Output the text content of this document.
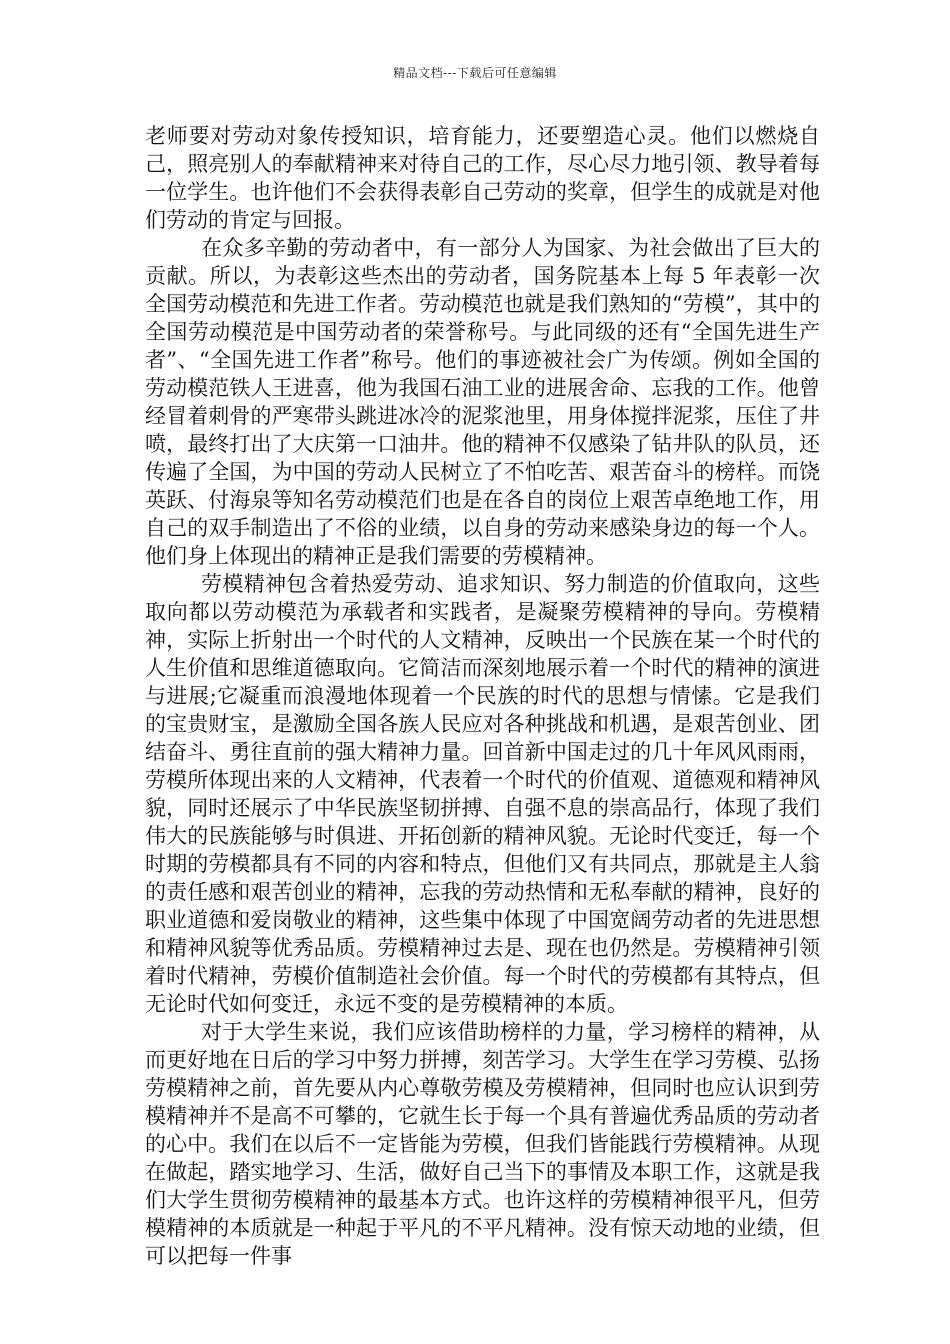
精品文档---下载后可任意编辑

老师要对劳动对象传授知识，培育能力，还要塑造心灵。他们以燃烧自己，照亮别人的奉献精神来对待自己的工作，尽心尽力地引领、教导着每一位学生。也许他们不会获得表彰自己劳动的奖章，但学生的成就是对他们劳动的肯定与回报。

在众多辛勤的劳动者中，有一部分人为国家、为社会做出了巨大的贡献。所以，为表彰这些杰出的劳动者，国务院基本上每 5 年表彰一次全国劳动模范和先进工作者。劳动模范也就是我们熟知的“劳模”，其中的全国劳动模范是中国劳动者的荣誉称号。与此同级的还有“全国先进生产者”、“全国先进工作者”称号。他们的事迹被社会广为传颂。例如全国的劳动模范铁人王进喜，他为我国石油工业的进展舍命、忘我的工作。他曾经冒着刺骨的严寒带头跳进冰冷的泥浆池里，用身体搅拌泥浆，压住了井喷，最终打出了大庆第一口油井。他的精神不仅感染了钻井队的队员，还传遍了全国，为中国的劳动人民树立了不怕吃苦、艰苦奋斗的榜样。而饶英跃、付海泉等知名劳动模范们也是在各自的岗位上艰苦卓绝地工作，用自己的双手制造出了不俗的业绩，以自身的劳动来感染身边的每一个人。他们身上体现出的精神正是我们需要的劳模精神。

劳模精神包含着热爱劳动、追求知识、努力制造的价值取向，这些取向都以劳动模范为承载者和实践者，是凝聚劳模精神的导向。劳模精神，实际上折射出一个时代的人文精神，反映出一个民族在某一个时代的人生价值和思维道德取向。它简洁而深刻地展示着一个时代的精神的演进与进展;它凝重而浪漫地体现着一个民族的时代的思想与情愫。它是我们的宝贵财宝，是激励全国各族人民应对各种挑战和机遇，是艰苦创业、团结奋斗、勇往直前的强大精神力量。回首新中国走过的几十年风风雨雨，劳模所体现出来的人文精神，代表着一个时代的价值观、道德观和精神风貌，同时还展示了中华民族坚韧拼搏、自强不息的崇高品行，体现了我们伟大的民族能够与时俱进、开拓创新的精神风貌。无论时代变迁，每一个时期的劳模都具有不同的内容和特点，但他们又有共同点，那就是主人翁的责任感和艰苦创业的精神，忘我的劳动热情和无私奉献的精神，良好的职业道德和爱岗敬业的精神，这些集中体现了中国宽阔劳动者的先进思想和精神风貌等优秀品质。劳模精神过去是、现在也仍然是。劳模精神引领着时代精神，劳模价值制造社会价值。每一个时代的劳模都有其特点，但无论时代如何变迁，永远不变的是劳模精神的本质。

对于大学生来说，我们应该借助榜样的力量，学习榜样的精神，从而更好地在日后的学习中努力拼搏，刻苦学习。大学生在学习劳模、弘扬劳模精神之前，首先要从内心尊敬劳模及劳模精神，但同时也应认识到劳模精神并不是高不可攀的，它就生长于每一个具有普遍优秀品质的劳动者的心中。我们在以后不一定皆能为劳模，但我们皆能践行劳模精神。从现在做起，踏实地学习、生活，做好自己当下的事情及本职工作，这就是我们大学生贯彻劳模精神的最基本方式。也许这样的劳模精神很平凡，但劳模精神的本质就是一种起于平凡的不平凡精神。没有惊天动地的业绩，但可以把每一件事
